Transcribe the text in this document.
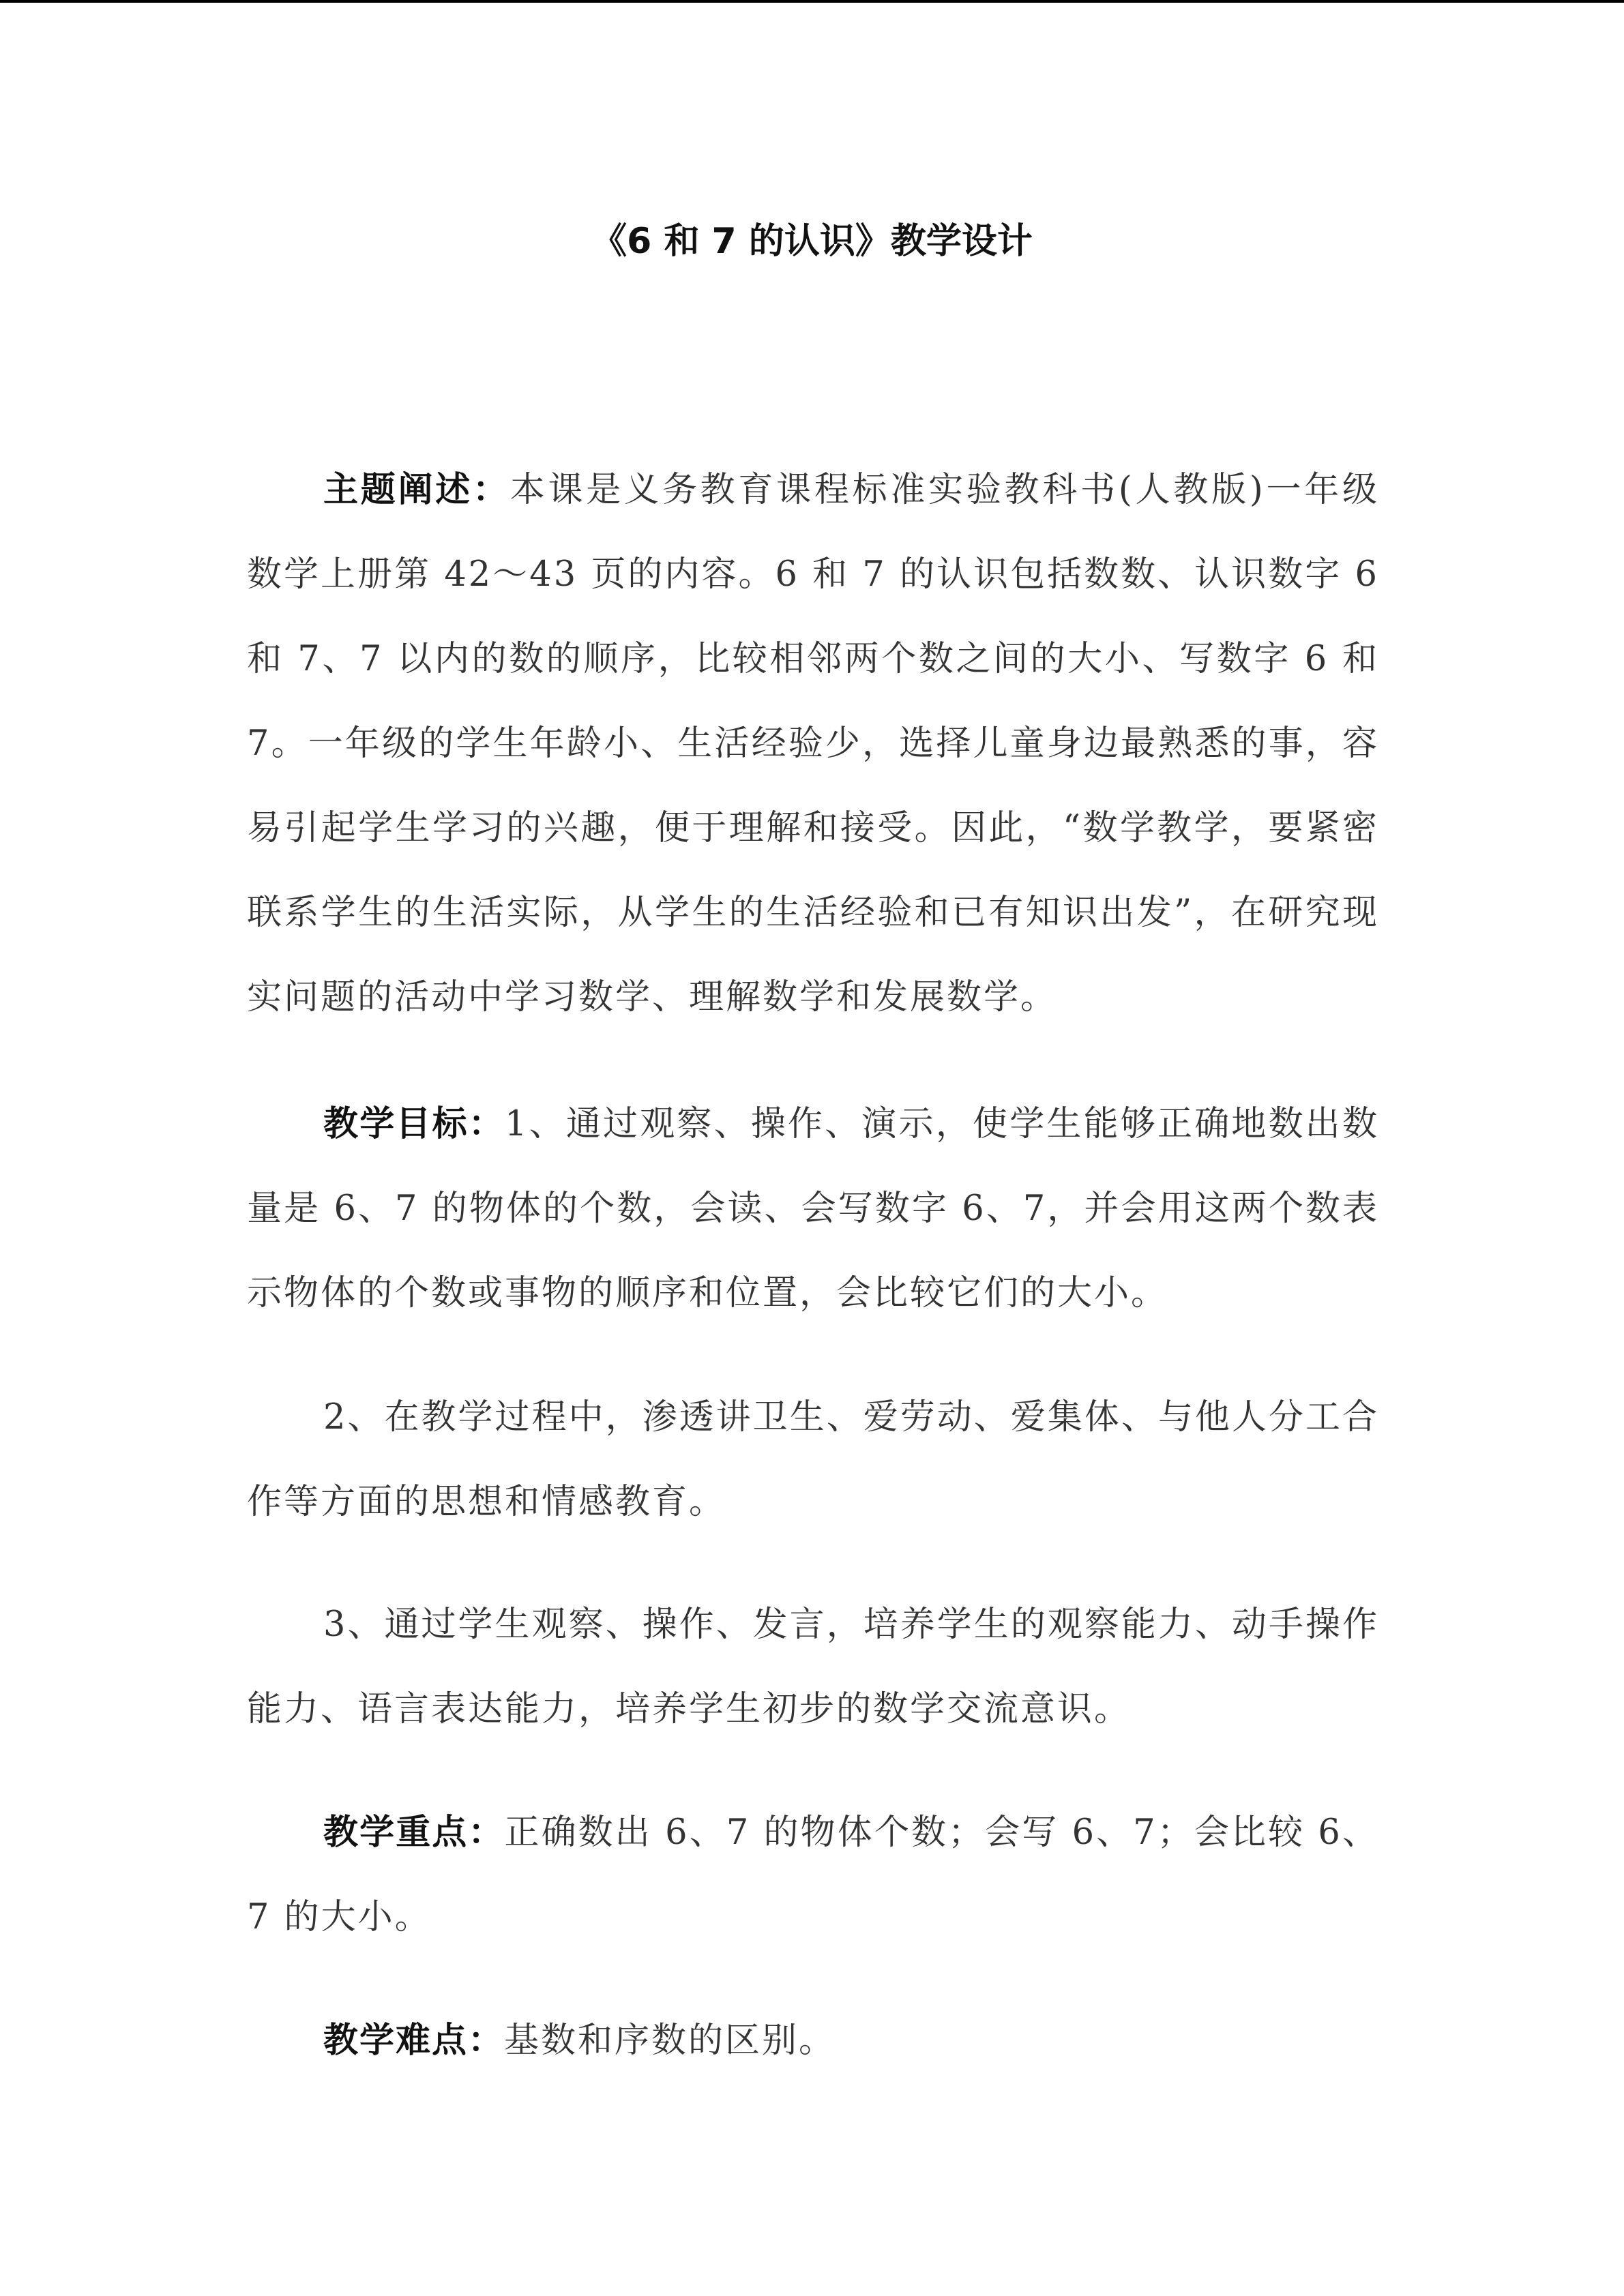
《6 和 7 的认识》教学设计

主题阐述：本课是义务教育课程标准实验教科书(人教版)一年级数学上册第 42～43 页的内容。6 和 7 的认识包括数数、认识数字 6 和 7、7 以内的数的顺序，比较相邻两个数之间的大小、写数字 6 和 7。一年级的学生年龄小、生活经验少，选择儿童身边最熟悉的事，容易引起学生学习的兴趣，便于理解和接受。因此，“数学教学，要紧密联系学生的生活实际，从学生的生活经验和已有知识出发”，在研究现实问题的活动中学习数学、理解数学和发展数学。

教学目标：1、通过观察、操作、演示，使学生能够正确地数出数量是 6、7 的物体的个数，会读、会写数字 6、7，并会用这两个数表示物体的个数或事物的顺序和位置，会比较它们的大小。

2、在教学过程中，渗透讲卫生、爱劳动、爱集体、与他人分工合作等方面的思想和情感教育。

3、通过学生观察、操作、发言，培养学生的观察能力、动手操作能力、语言表达能力，培养学生初步的数学交流意识。

教学重点：正确数出 6、7 的物体个数；会写 6、7；会比较 6、7 的大小。

教学难点：基数和序数的区别。
